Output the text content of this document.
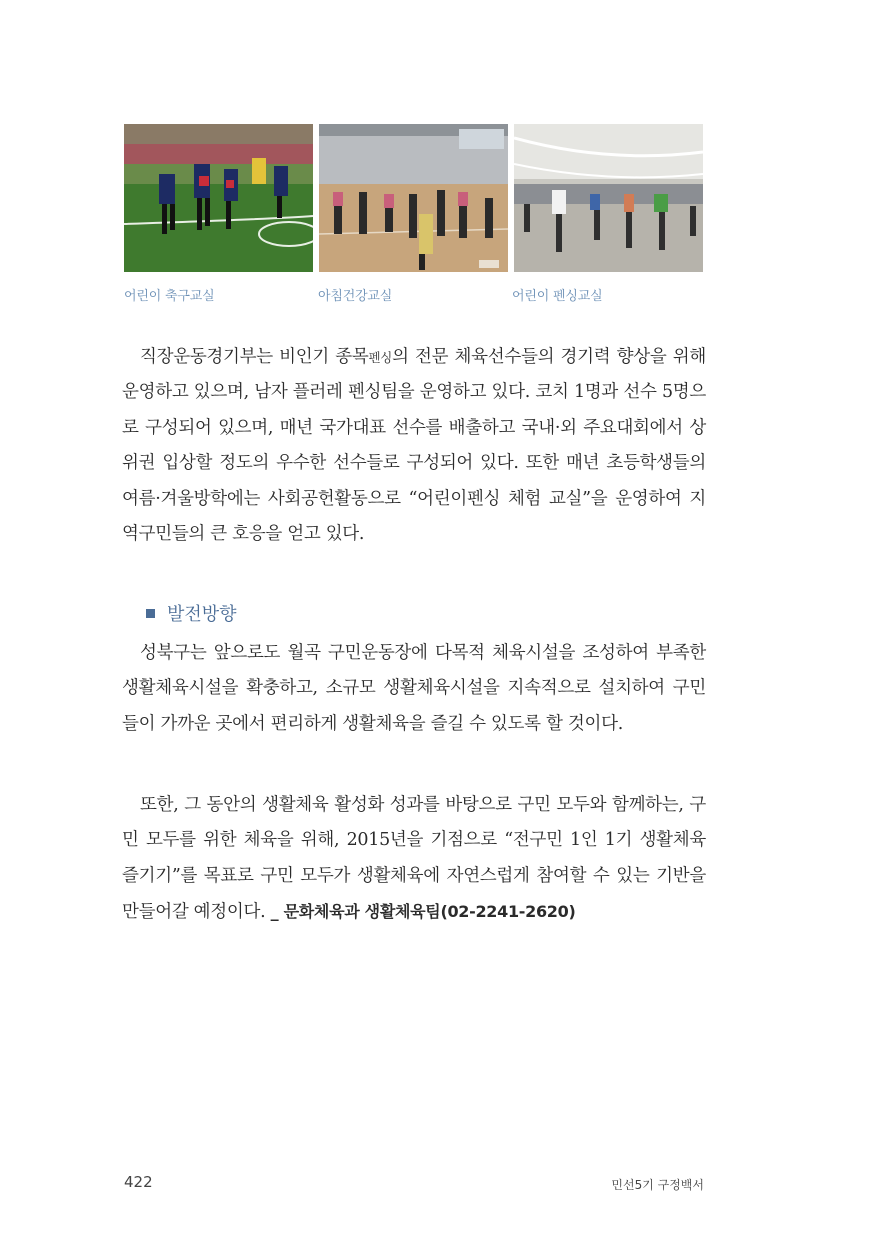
어린이 축구교실	아침건강교실	어린이 펜싱교실
직장운동경기부는 비인기 종목펜싱의 전문 체육선수들의 경기력 향상을 위해 운영하고 있으며, 남자 플러레 펜싱팀을 운영하고 있다. 코치 1명과 선수 5명으로 구성되어 있으며, 매년 국가대표 선수를 배출하고 국내·외 주요대회에서 상위권 입상할 정도의 우수한 선수들로 구성되어 있다. 또한 매년 초등학생들의 여름·겨울방학에는 사회공헌활동으로 “어린이펜싱 체험 교실”을 운영하여 지역구민들의 큰 호응을 얻고 있다.
발전방향
성북구는 앞으로도 월곡 구민운동장에 다목적 체육시설을 조성하여 부족한 생활체육시설을 확충하고, 소규모 생활체육시설을 지속적으로 설치하여 구민들이 가까운 곳에서 편리하게 생활체육을 즐길 수 있도록 할 것이다.
또한, 그 동안의 생활체육 활성화 성과를 바탕으로 구민 모두와 함께하는, 구민 모두를 위한 체육을 위해, 2015년을 기점으로 “전구민 1인 1기 생활체육 즐기기”를 목표로 구민 모두가 생활체육에 자연스럽게 참여할 수 있는 기반을 만들어갈 예정이다. _ 문화체육과 생활체육팀(02-2241-2620)
422	민선5기 구정백서
